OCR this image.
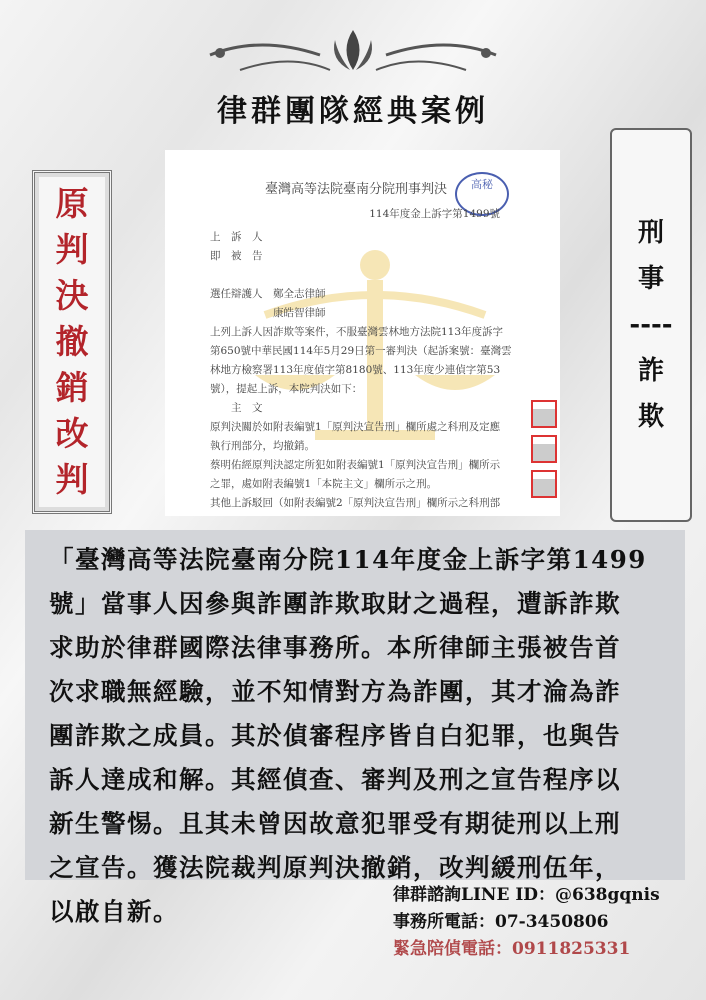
律群團隊經典案例
原
判
決
撤
銷
改
判
刑
事
----
詐
欺
臺灣高等法院臺南分院刑事判決	高秘
114年度金上訴字第1499號
上　訴　人
即　被　告
選任辯護人　鄭全志律師
　　　　　　康皓智律師
上列上訴人因詐欺等案件，不服臺灣雲林地方法院113年度訴字
第650號中華民國114年5月29日第一審判決（起訴案號：臺灣雲
林地方檢察署113年度偵字第8180號、113年度少連偵字第53
號），提起上訴，本院判決如下：
　　主　文
原判決關於如附表編號1「原判決宣告刑」欄所處之科刑及定應
執行刑部分，均撤銷。
蔡明佑經原判決認定所犯如附表編號1「原判決宣告刑」欄所示
之罪，處如附表編號1「本院主文」欄所示之刑。
其他上訴駁回（如附表編號2「原判決宣告刑」欄所示之科刑部
「臺灣高等法院臺南分院114年度金上訴字第1499
號」當事人因參與詐團詐欺取財之過程，遭訴詐欺
求助於律群國際法律事務所。本所律師主張被告首
次求職無經驗，並不知情對方為詐團，其才淪為詐
團詐欺之成員。其於偵審程序皆自白犯罪，也與告
訴人達成和解。其經偵查、審判及刑之宣告程序以
新生警惕。且其未曾因故意犯罪受有期徒刑以上刑
之宣告。獲法院裁判原判決撤銷，改判緩刑伍年，
以啟自新。
律群諮詢LINE ID：@638gqnis
事務所電話：07-3450806
緊急陪偵電話：0911825331
